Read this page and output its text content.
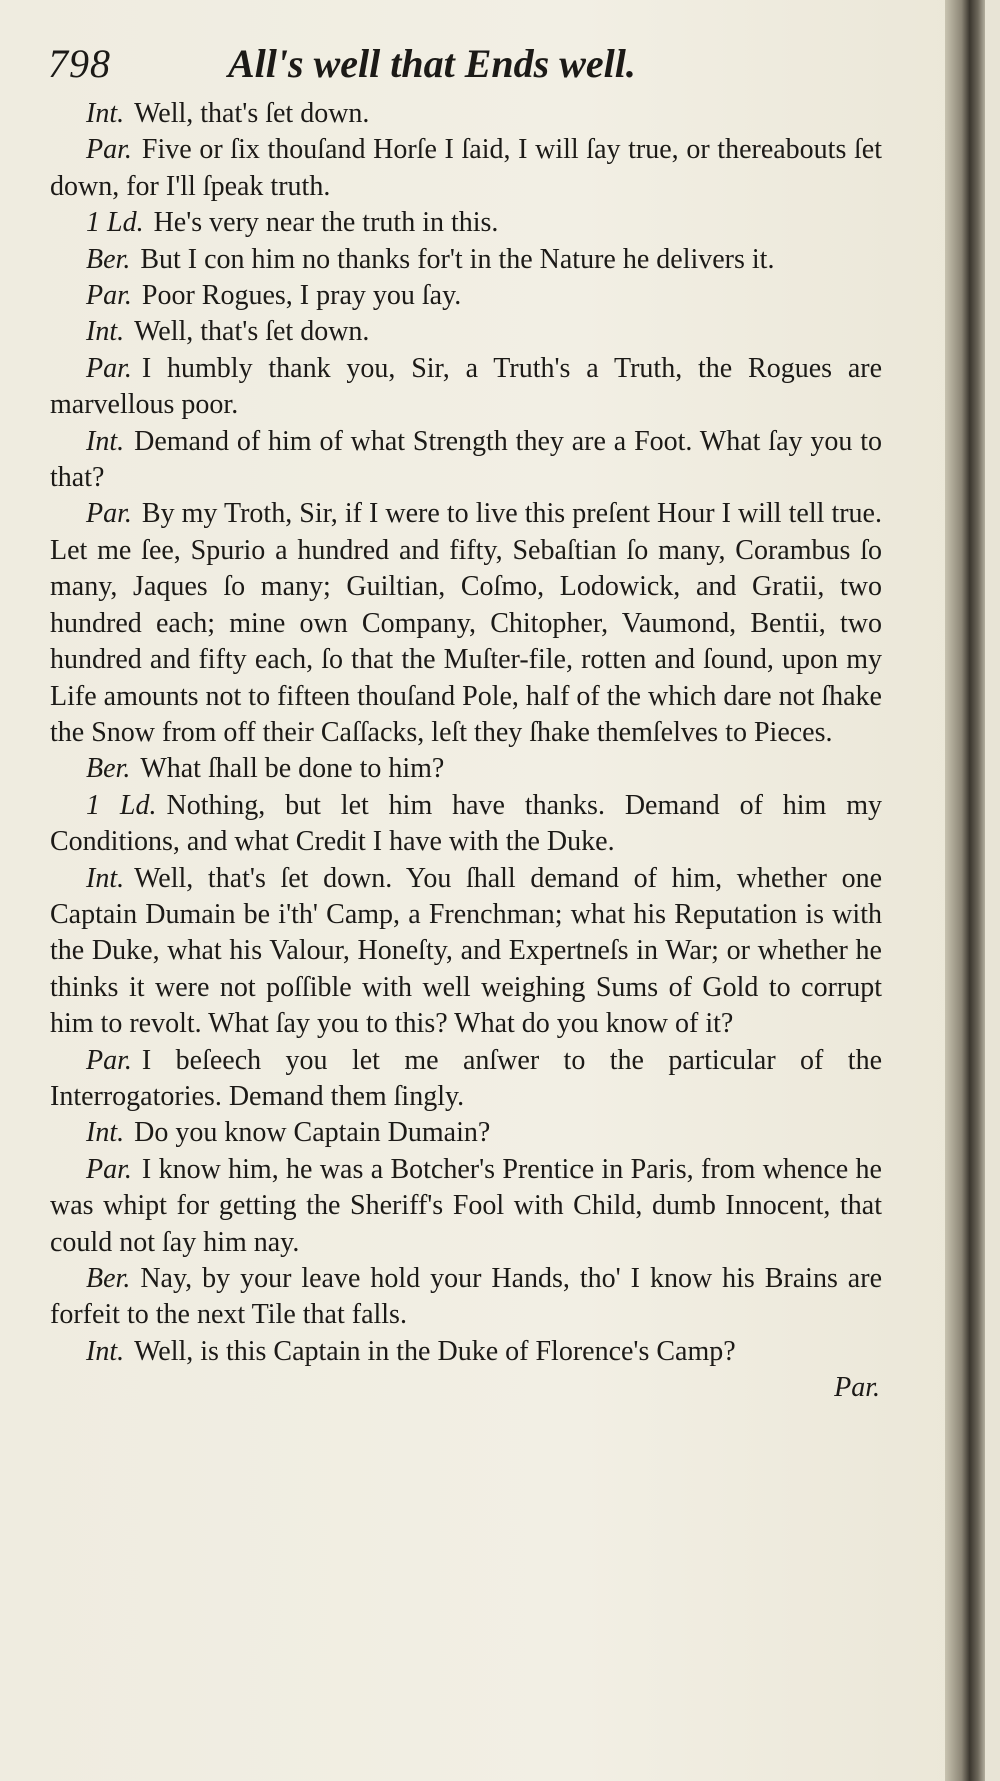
798	All's well that Ends well.

Int. Well, that's ſet down.

Par. Five or ſix thouſand Horſe I ſaid, I will ſay true, or thereabouts ſet down, for I'll ſpeak truth.

1 Ld. He's very near the truth in this.

Ber. But I con him no thanks for't in the Nature he delivers it.

Par. Poor Rogues, I pray you ſay.

Int. Well, that's ſet down.

Par. I humbly thank you, Sir, a Truth's a Truth, the Rogues are marvellous poor.

Int. Demand of him of what Strength they are a Foot. What ſay you to that?

Par. By my Troth, Sir, if I were to live this preſent Hour I will tell true. Let me ſee, Spurio a hundred and fifty, Sebaſtian ſo many, Corambus ſo many, Jaques ſo many; Guiltian, Coſmo, Lodowick, and Gratii, two hundred each; mine own Company, Chitopher, Vaumond, Bentii, two hundred and fifty each, ſo that the Muſter-file, rotten and ſound, upon my Life amounts not to fifteen thouſand Pole, half of the which dare not ſhake the Snow from off their Caſſacks, leſt they ſhake themſelves to Pieces.

Ber. What ſhall be done to him?

1 Ld. Nothing, but let him have thanks. Demand of him my Conditions, and what Credit I have with the Duke.

Int. Well, that's ſet down. You ſhall demand of him, whether one Captain Dumain be i'th' Camp, a Frenchman; what his Reputation is with the Duke, what his Valour, Honeſty, and Expertneſs in War; or whether he thinks it were not poſſible with well weighing Sums of Gold to corrupt him to revolt. What ſay you to this? What do you know of it?

Par. I beſeech you let me anſwer to the particular of the Interrogatories. Demand them ſingly.

Int. Do you know Captain Dumain?

Par. I know him, he was a Botcher's Prentice in Paris, from whence he was whipt for getting the Sheriff's Fool with Child, dumb Innocent, that could not ſay him nay.

Ber. Nay, by your leave hold your Hands, tho' I know his Brains are forfeit to the next Tile that falls.

Int. Well, is this Captain in the Duke of Florence's Camp?

Par.
